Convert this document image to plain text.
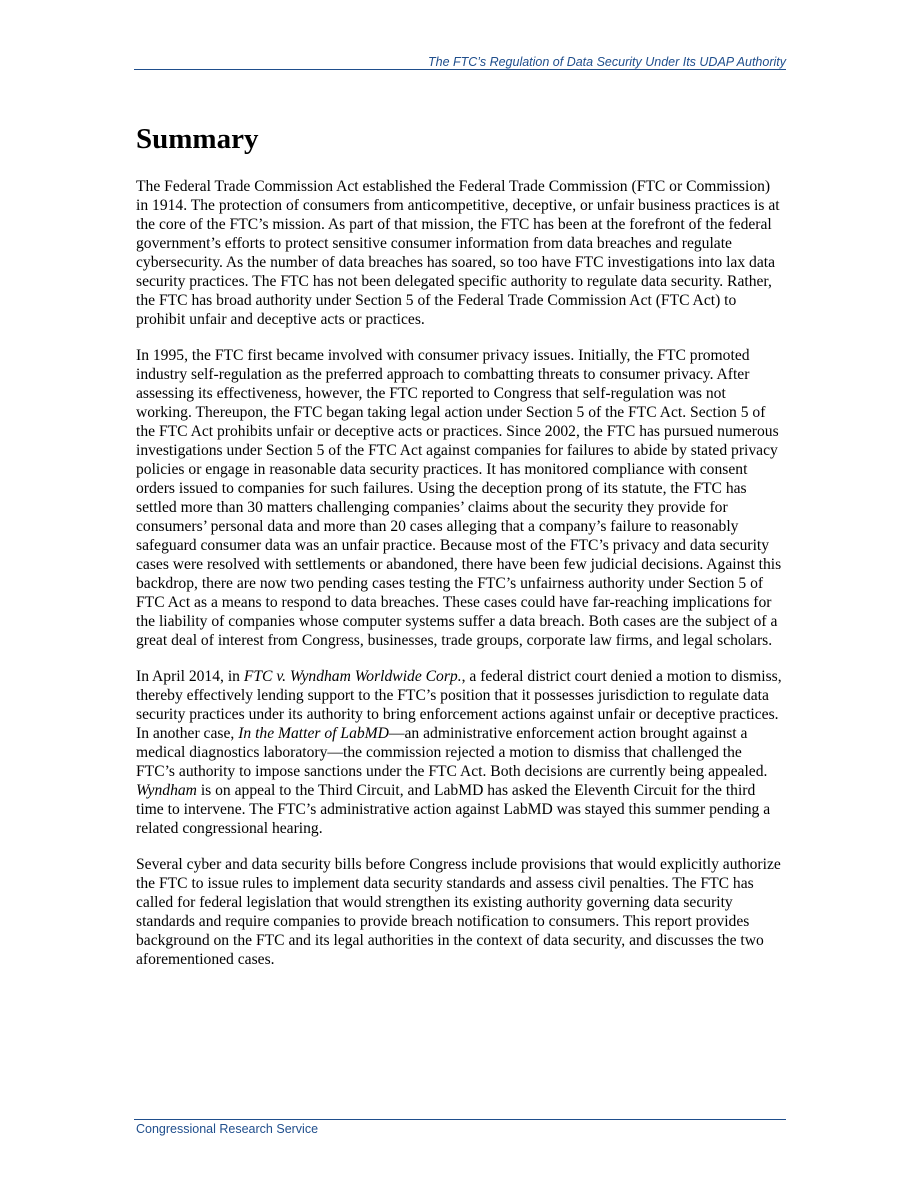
The FTC’s Regulation of Data Security Under Its UDAP Authority
Summary

The Federal Trade Commission Act established the Federal Trade Commission (FTC or Commission) in 1914. The protection of consumers from anticompetitive, deceptive, or unfair business practices is at the core of the FTC’s mission. As part of that mission, the FTC has been at the forefront of the federal government’s efforts to protect sensitive consumer information from data breaches and regulate cybersecurity. As the number of data breaches has soared, so too have FTC investigations into lax data security practices. The FTC has not been delegated specific authority to regulate data security. Rather, the FTC has broad authority under Section 5 of the Federal Trade Commission Act (FTC Act) to prohibit unfair and deceptive acts or practices.

In 1995, the FTC first became involved with consumer privacy issues. Initially, the FTC promoted industry self-regulation as the preferred approach to combatting threats to consumer privacy. After assessing its effectiveness, however, the FTC reported to Congress that self-regulation was not working. Thereupon, the FTC began taking legal action under Section 5 of the FTC Act. Section 5 of the FTC Act prohibits unfair or deceptive acts or practices. Since 2002, the FTC has pursued numerous investigations under Section 5 of the FTC Act against companies for failures to abide by stated privacy policies or engage in reasonable data security practices. It has monitored compliance with consent orders issued to companies for such failures. Using the deception prong of its statute, the FTC has settled more than 30 matters challenging companies’ claims about the security they provide for consumers’ personal data and more than 20 cases alleging that a company’s failure to reasonably safeguard consumer data was an unfair practice. Because most of the FTC’s privacy and data security cases were resolved with settlements or abandoned, there have been few judicial decisions. Against this backdrop, there are now two pending cases testing the FTC’s unfairness authority under Section 5 of FTC Act as a means to respond to data breaches. These cases could have far-reaching implications for the liability of companies whose computer systems suffer a data breach. Both cases are the subject of a great deal of interest from Congress, businesses, trade groups, corporate law firms, and legal scholars.

In April 2014, in FTC v. Wyndham Worldwide Corp., a federal district court denied a motion to dismiss, thereby effectively lending support to the FTC’s position that it possesses jurisdiction to regulate data security practices under its authority to bring enforcement actions against unfair or deceptive practices. In another case, In the Matter of LabMD—an administrative enforcement action brought against a medical diagnostics laboratory—the commission rejected a motion to dismiss that challenged the FTC’s authority to impose sanctions under the FTC Act. Both decisions are currently being appealed. Wyndham is on appeal to the Third Circuit, and LabMD has asked the Eleventh Circuit for the third time to intervene. The FTC’s administrative action against LabMD was stayed this summer pending a related congressional hearing.

Several cyber and data security bills before Congress include provisions that would explicitly authorize the FTC to issue rules to implement data security standards and assess civil penalties. The FTC has called for federal legislation that would strengthen its existing authority governing data security standards and require companies to provide breach notification to consumers. This report provides background on the FTC and its legal authorities in the context of data security, and discusses the two aforementioned cases.

Congressional Research Service
